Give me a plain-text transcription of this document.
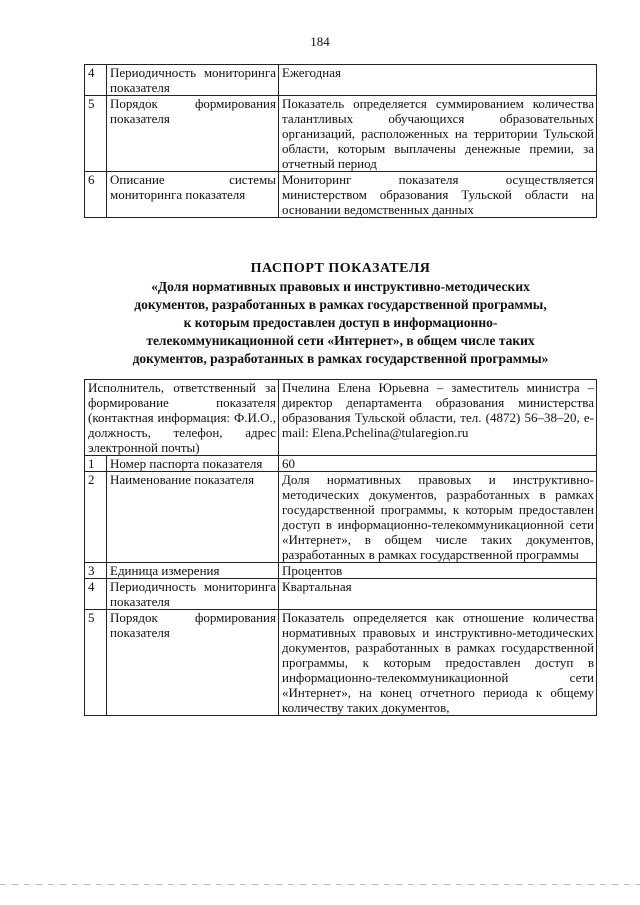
184
4	Периодичность мониторинга показателя	Ежегодная
5	Порядок формирования показателя	Показатель определяется суммированием количества талантливых обучающихся образовательных организаций, расположенных на территории Тульской области, которым выплачены денежные премии, за отчетный период
6	Описание системы мониторинга показателя	Мониторинг показателя осуществляется министерством образования Тульской области на основании ведомственных данных
ПАСПОРТ ПОКАЗАТЕЛЯ
«Доля нормативных правовых и инструктивно-методических
документов, разработанных в рамках государственной программы,
к которым предоставлен доступ в информационно-
телекоммуникационной сети «Интернет», в общем числе таких
документов, разработанных в рамках государственной программы»
Исполнитель, ответственный за формирование показателя (контактная информация: Ф.И.О., должность, телефон, адрес электронной почты)		Пчелина Елена Юрьевна – заместитель министра – директор департамента образования министерства образования Тульской области, тел. (4872) 56–38–20, e-mail: Elena.Pchelina@tularegion.ru
1	Номер паспорта показателя	60
2	Наименование показателя	Доля нормативных правовых и инструктивно-методических документов, разработанных в рамках государственной программы, к которым предоставлен доступ в информационно-телекоммуникационной сети «Интернет», в общем числе таких документов, разработанных в рамках государственной программы
3	Единица измерения	Процентов
4	Периодичность мониторинга показателя	Квартальная
5	Порядок формирования показателя	Показатель определяется как отношение количества нормативных правовых и инструктивно-методических документов, разработанных в рамках государственной программы, к которым предоставлен доступ в информационно-телекоммуникационной сети «Интернет», на конец отчетного периода к общему количеству таких документов,
